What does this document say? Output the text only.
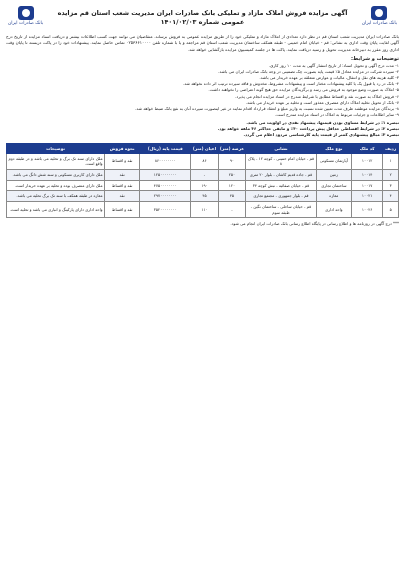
بانک صادرات ایران
آگهی مزایده فروش املاک مازاد و تملیکی بانک صادرات ایران مدیریت شعب استان قم مزایده عمومی شماره ۱۴۰۱/۰۲/۰۳
بانک صادرات ایران

بانک صادرات ایران مدیریت شعب استان قم در نظر دارد تعدادی از املاک مازاد و تملیکی خود را از طریق مزایده عمومی به فروش برساند. متقاضیان می توانند جهت کسب اطلاعات بیشتر و دریافت اسناد مزایده از تاریخ درج آگهی لغایت پایان وقت اداری به نشانی: قم - خیابان امام خمینی - طبقه همکف ساختمان مدیریت شعب استان قم مراجعه و یا با شماره تلفن ۰۲۵۳۶۶۱۰۰۰۰ تماس حاصل نمایند. پیشنهادات خود را در پاکت دربسته تا پایان وقت اداری روز مقرر به دبیرخانه مدیریت تحویل و رسید دریافت نمایند. پاکت ها در جلسه کمیسیون مزایده بازگشایی خواهد شد.

توضیحات و شرایط:
۱- مدت درج آگهی و تحویل اسناد: از تاریخ انتشار آگهی به مدت ۱۰ روز کاری.
۲- سپرده شرکت در مزایده معادل ۵٪ قیمت پایه بصورت چک تضمینی در وجه بانک صادرات ایران می باشد.
۳- کلیه هزینه های نقل و انتقال، مالیات و عوارض متعلقه بر عهده خریدار می باشد.
۴- بانک در رد یا قبول یک یا کلیه پیشنهادات مختار است و پیشنهادات مشروط، مخدوش و فاقد سپرده ترتیب اثر داده نخواهد شد.
۵- املاک به صورت وضع موجود به فروش می رسد و برگزیدگان مزایده حق هیچ گونه اعتراضی را نخواهند داشت.
۶- فروش املاک به صورت نقد و اقساط مطابق با شرایط مندرج در اسناد مزایده انجام می پذیرد.
۷- بانک از تحویل تخلیه املاک دارای متصرف معذور است و تخلیه بر عهده خریدار می باشد.
۸- برندگان مزایده موظفند ظرف مدت تعیین شده نسبت به واریز مبلغ و انعقاد قرارداد اقدام نمایند در غیر اینصورت سپرده آنان به نفع بانک ضبط خواهد شد.
۹- سایر اطلاعات و جزئیات مربوط به املاک در اسناد مزایده مندرج است.
تبصره ۱: در شرایط مساوی بودن قیمتها، پیشنهاد نقدی در اولویت می باشد.
تبصره ۲: در شرایط اقساطی حداقل پیش پرداخت ۳۰٪ و مابقی حداکثر ۳۶ ماهه خواهد بود.
تبصره ۳: مبالغ پیشنهادی کمتر از قیمت پایه کارشناسی مردود اعلام می گردد.
ردیف	کد ملک	نوع ملک	نشانی	عرصه (متر)	اعیان (متر)	قیمت پایه (ریال)	نحوه فروش	توضیحات
۱	۱۰۰۱۲	آپارتمان مسکونی	قم - خیابان امام خمینی - کوچه ۱۲ - پلاک ۸	۹۰	۸۶	۸۶۰۰۰۰۰۰۰۰	نقد و اقساط	ملک دارای سند تک برگ و تخلیه می باشد و در طبقه دوم واقع است.
۲	۱۰۰۱۴	زمین	قم - جاده قدیم کاشان - بلوار ۲۰ متری	۲۵۰	-	۱۲۵۰۰۰۰۰۰۰۰	نقد	ملک دارای کاربری مسکونی و سند شش دانگ می باشد.
۳	۱۰۰۱۷	ساختمان تجاری	قم - خیابان صفائیه - نبش کوچه ۳۴	۱۲۰	۱۹۰	۴۷۵۰۰۰۰۰۰۰۰	نقد و اقساط	ملک دارای متصرف بوده و تخلیه بر عهده خریدار است.
۴	۱۰۰۲۱	مغازه	قم - بلوار جمهوری - مجتمع تجاری	۴۵	۴۵	۲۹۷۰۰۰۰۰۰۰۰	نقد	مغازه در طبقه همکف با سند تک برگ تخلیه می باشد.
۵	۱۰۰۲۶	واحد اداری	قم - خیابان ساحلی - ساختمان نگین - طبقه سوم	-	۱۱۰	۳۵۲۰۰۰۰۰۰۰۰	نقد و اقساط	واحد اداری دارای پارکینگ و انباری می باشد و تخلیه است.
*** درج آگهی در روزنامه ها و اطلاع رسانی در پایگاه اطلاع رسانی بانک صادرات ایران انجام می شود.
